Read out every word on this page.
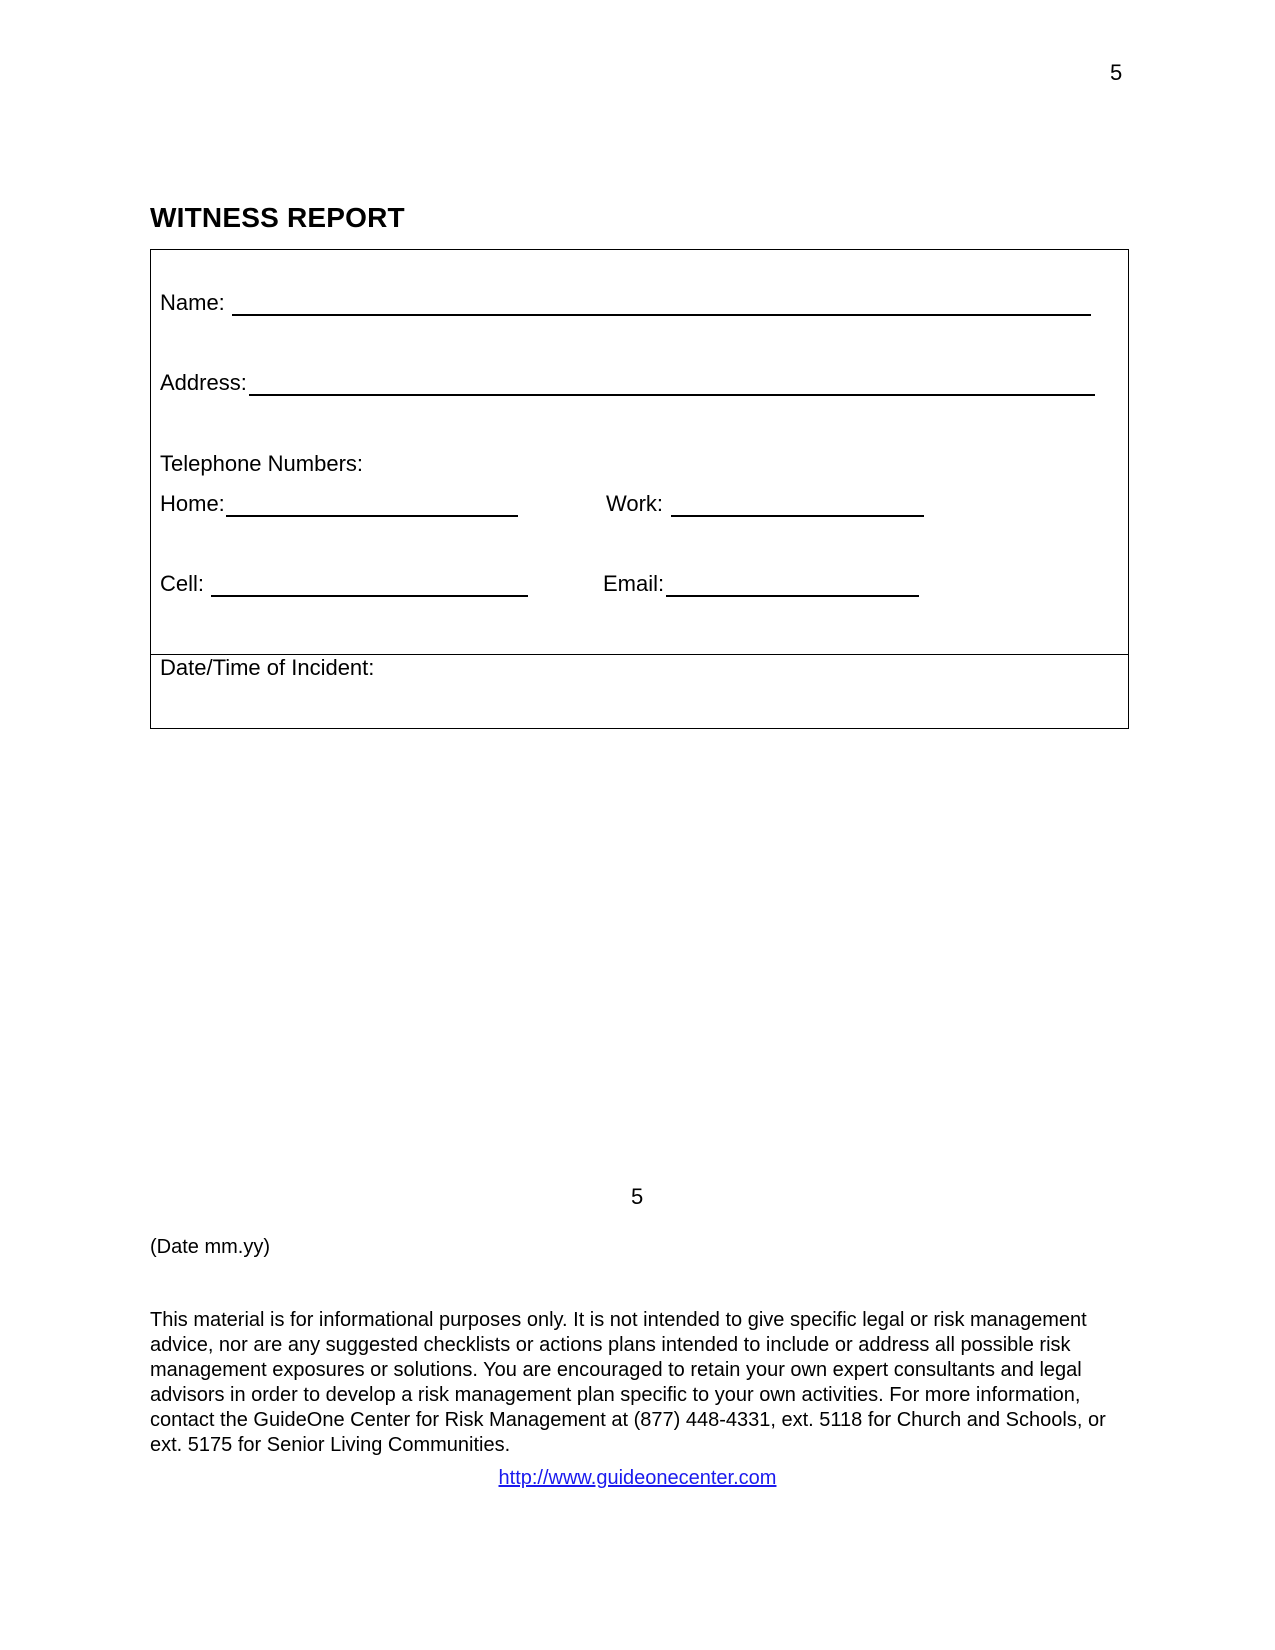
5
WITNESS REPORT
Name:
Address:
Telephone Numbers:
Home:	Work:
Cell:	Email:
Date/Time of Incident:
5
(Date mm.yy)
This material is for informational purposes only. It is not intended to give specific legal or risk management advice, nor are any suggested checklists or actions plans intended to include or address all possible risk management exposures or solutions. You are encouraged to retain your own expert consultants and legal advisors in order to develop a risk management plan specific to your own activities. For more information, contact the GuideOne Center for Risk Management at (877) 448-4331, ext. 5118 for Church and Schools, or ext. 5175 for Senior Living Communities.
http://www.guideonecenter.com
